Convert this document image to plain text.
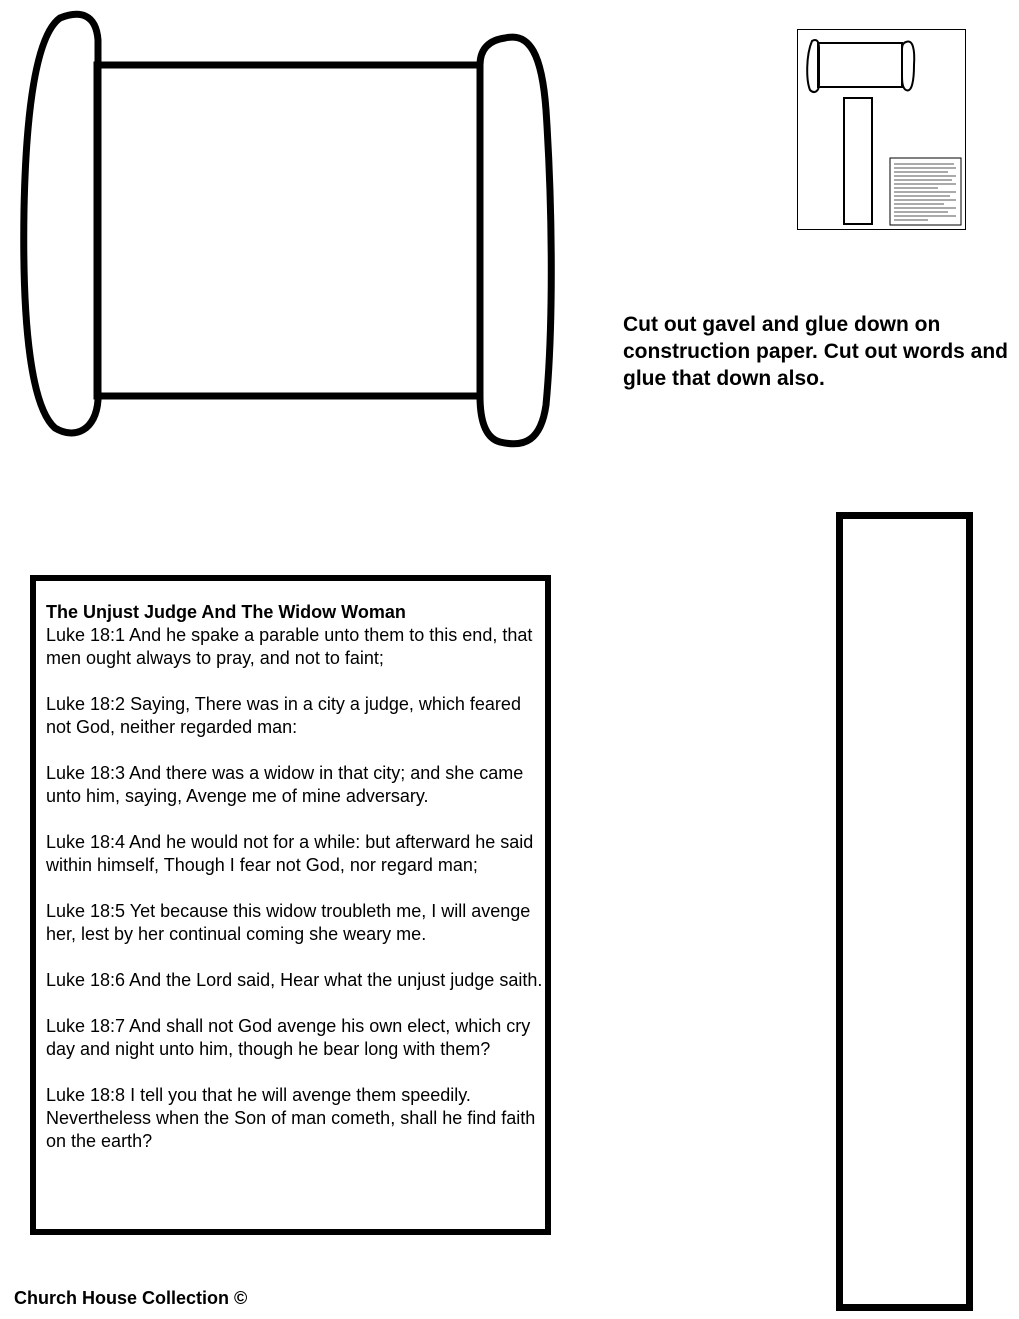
Cut out gavel and glue down on construction paper. Cut out words and glue that down also.
The Unjust Judge And The Widow Woman
Luke 18:1 And he spake a parable unto them to this end, that men ought always to pray, and not to faint;
Luke 18:2 Saying, There was in a city a judge, which feared not God, neither regarded man:
Luke 18:3 And there was a widow in that city; and she came unto him, saying, Avenge me of mine adversary.
Luke 18:4 And he would not for a while: but afterward he said within himself, Though I fear not God, nor regard man;
Luke 18:5 Yet because this widow troubleth me, I will avenge her, lest by her continual coming she weary me.
Luke 18:6 And the Lord said, Hear what the unjust judge saith.
Luke 18:7 And shall not God avenge his own elect, which cry day and night unto him, though he bear long with them?
Luke 18:8 I tell you that he will avenge them speedily. Nevertheless when the Son of man cometh, shall he find faith on the earth?
Church House Collection ©
